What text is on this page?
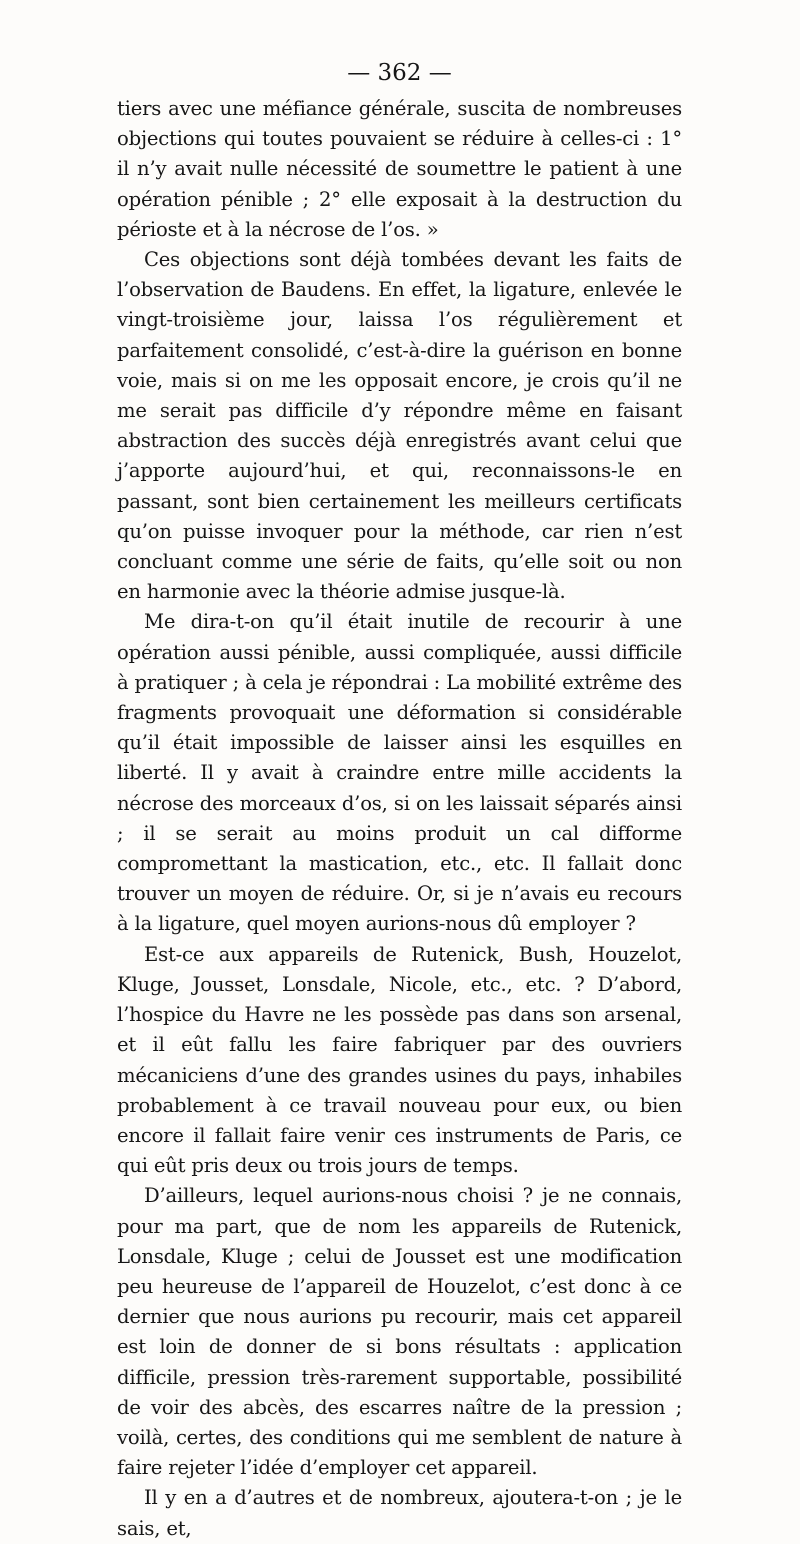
— 362 —

tiers avec une méfiance générale, suscita de nombreuses objections qui toutes pouvaient se réduire à celles-ci : 1° il n’y avait nulle nécessité de soumettre le patient à une opération pénible ; 2° elle exposait à la destruction du périoste et à la nécrose de l’os. »

Ces objections sont déjà tombées devant les faits de l’observation de Baudens. En effet, la ligature, enlevée le vingt-troisième jour, laissa l’os régulièrement et parfaitement consolidé, c’est-à-dire la guérison en bonne voie, mais si on me les opposait encore, je crois qu’il ne me serait pas difficile d’y répondre même en faisant abstraction des succès déjà enregistrés avant celui que j’apporte aujourd’hui, et qui, reconnaissons-le en passant, sont bien certainement les meilleurs certificats qu’on puisse invoquer pour la méthode, car rien n’est concluant comme une série de faits, qu’elle soit ou non en harmonie avec la théorie admise jusque-là.

Me dira-t-on qu’il était inutile de recourir à une opération aussi pénible, aussi compliquée, aussi difficile à pratiquer ; à cela je répondrai : La mobilité extrême des fragments provoquait une déformation si considérable qu’il était impossible de laisser ainsi les esquilles en liberté. Il y avait à craindre entre mille accidents la nécrose des morceaux d’os, si on les laissait séparés ainsi ; il se serait au moins produit un cal difforme compromettant la mastication, etc., etc. Il fallait donc trouver un moyen de réduire. Or, si je n’avais eu recours à la ligature, quel moyen aurions-nous dû employer ?

Est-ce aux appareils de Rutenick, Bush, Houzelot, Kluge, Jousset, Lonsdale, Nicole, etc., etc. ? D’abord, l’hospice du Havre ne les possède pas dans son arsenal, et il eût fallu les faire fabriquer par des ouvriers mécaniciens d’une des grandes usines du pays, inhabiles probablement à ce travail nouveau pour eux, ou bien encore il fallait faire venir ces instruments de Paris, ce qui eût pris deux ou trois jours de temps.

D’ailleurs, lequel aurions-nous choisi ? je ne connais, pour ma part, que de nom les appareils de Rutenick, Lonsdale, Kluge ; celui de Jousset est une modification peu heureuse de l’appareil de Houzelot, c’est donc à ce dernier que nous aurions pu recourir, mais cet appareil est loin de donner de si bons résultats : application difficile, pression très-rarement supportable, possibilité de voir des abcès, des escarres naître de la pression ; voilà, certes, des conditions qui me semblent de nature à faire rejeter l’idée d’employer cet appareil.

Il y en a d’autres et de nombreux, ajoutera-t-on ; je le sais, et,
